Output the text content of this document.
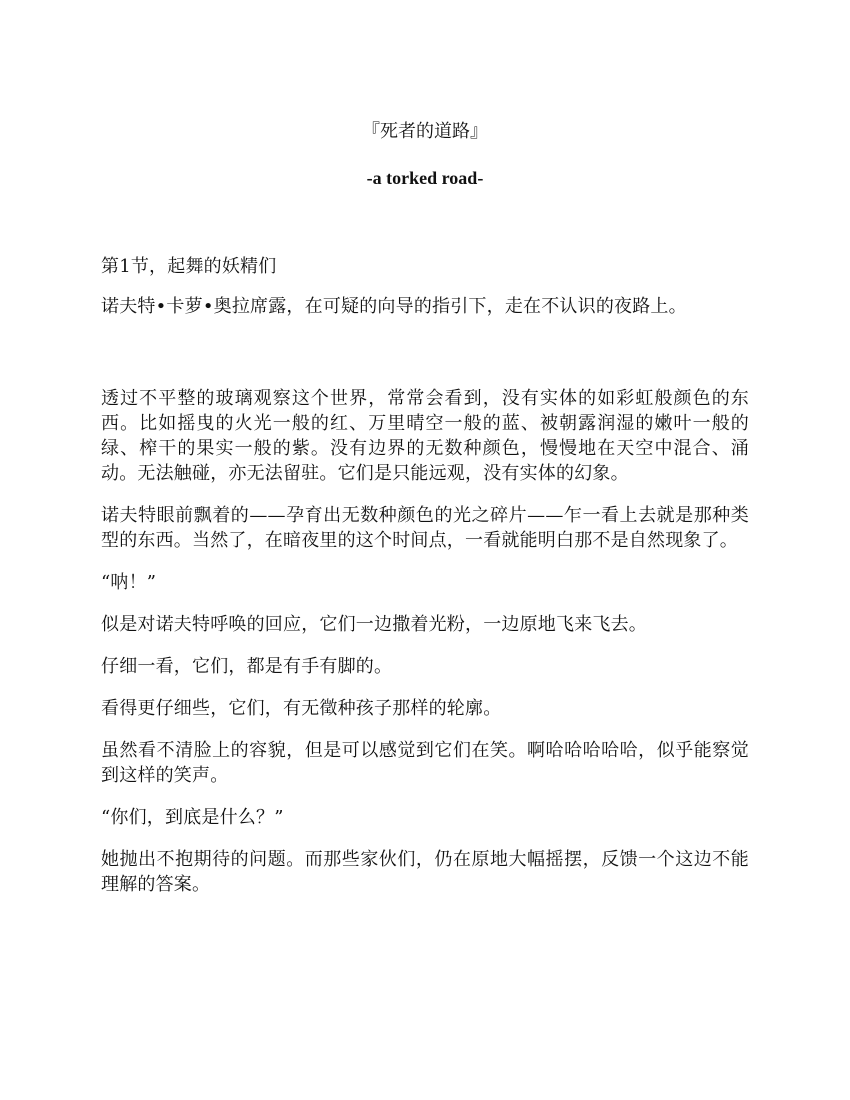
『死者的道路』
-a torked road-

第1节，起舞的妖精们

诺夫特•卡萝•奥拉席露，在可疑的向导的指引下，走在不认识的夜路上。

透过不平整的玻璃观察这个世界，常常会看到，没有实体的如彩虹般颜色的东西。比如摇曳的火光一般的红、万里晴空一般的蓝、被朝露润湿的嫩叶一般的绿、榨干的果实一般的紫。没有边界的无数种颜色，慢慢地在天空中混合、涌动。无法触碰，亦无法留驻。它们是只能远观，没有实体的幻象。

诺夫特眼前飘着的——孕育出无数种颜色的光之碎片——乍一看上去就是那种类型的东西。当然了，在暗夜里的这个时间点，一看就能明白那不是自然现象了。

“呐！”

似是对诺夫特呼唤的回应，它们一边撒着光粉，一边原地飞来飞去。

仔细一看，它们，都是有手有脚的。

看得更仔细些，它们，有无徵种孩子那样的轮廓。

虽然看不清脸上的容貌，但是可以感觉到它们在笑。啊哈哈哈哈哈，似乎能察觉到这样的笑声。

“你们，到底是什么？”

她抛出不抱期待的问题。而那些家伙们，仍在原地大幅摇摆，反馈一个这边不能理解的答案。
